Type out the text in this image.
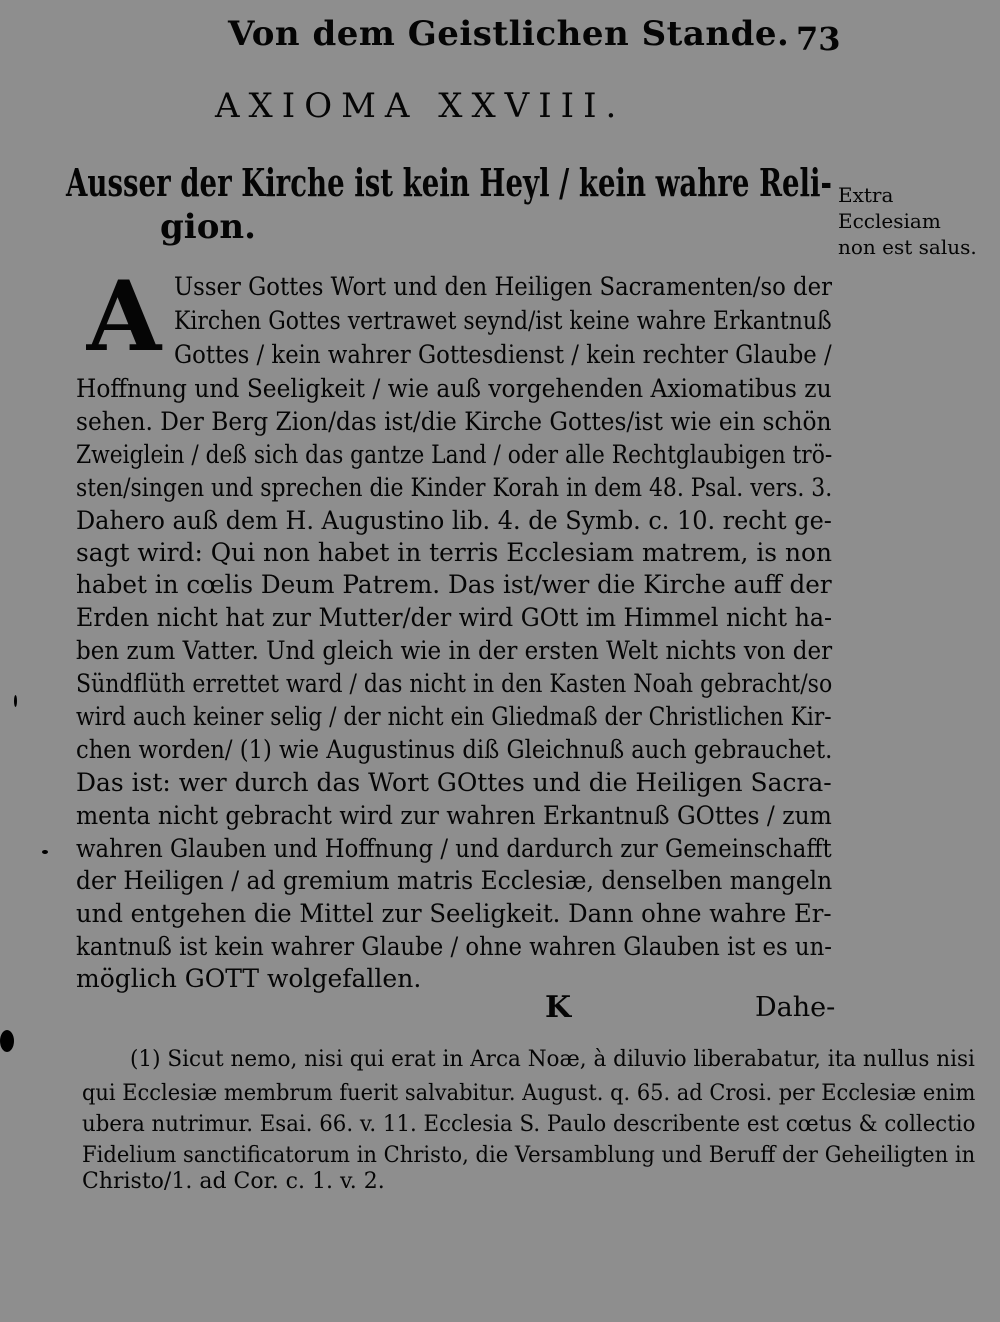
Von dem Geistlichen Stande. 73
AXIOMA XXVIII.
Ausser der Kirche ist kein Heyl / kein wahre Reli-
gion.
Extra Ecclesiam non est salus.
A Usser Gottes Wort und den Heiligen Sacramenten/so der
Kirchen Gottes vertrawet seynd/ist keine wahre Erkantnuß
Gottes / kein wahrer Gottesdienst / kein rechter Glaube /
Hoffnung und Seeligkeit / wie auß vorgehenden Axiomatibus zu
sehen. Der Berg Zion/das ist/die Kirche Gottes/ist wie ein schön
Zweiglein / deß sich das gantze Land / oder alle Rechtglaubigen trö-
sten/singen und sprechen die Kinder Korah in dem 48. Psal. vers. 3.
Dahero auß dem H. Augustino lib. 4. de Symb. c. 10. recht ge-
sagt wird: Qui non habet in terris Ecclesiam matrem, is non
habet in cœlis Deum Patrem. Das ist/wer die Kirche auff der
Erden nicht hat zur Mutter/der wird GOtt im Himmel nicht ha-
ben zum Vatter. Und gleich wie in der ersten Welt nichts von der
Sündflüth errettet ward / das nicht in den Kasten Noah gebracht/so
wird auch keiner selig / der nicht ein Gliedmaß der Christlichen Kir-
chen worden/ (1) wie Augustinus diß Gleichnuß auch gebrauchet.
Das ist: wer durch das Wort GOttes und die Heiligen Sacra-
menta nicht gebracht wird zur wahren Erkantnuß GOttes / zum
wahren Glauben und Hoffnung / und dardurch zur Gemeinschafft
der Heiligen / ad gremium matris Ecclesiæ, denselben mangeln
und entgehen die Mittel zur Seeligkeit. Dann ohne wahre Er-
kantnuß ist kein wahrer Glaube / ohne wahren Glauben ist es un-
möglich GOTT wolgefallen.
K	Dahe-
(1) Sicut nemo, nisi qui erat in Arca Noæ, à diluvio liberabatur, ita nullus nisi
qui Ecclesiæ membrum fuerit salvabitur. August. q. 65. ad Crosi. per Ecclesiæ enim
ubera nutrimur. Esai. 66. v. 11. Ecclesia S. Paulo describente est cœtus & collectio
Fidelium sanctificatorum in Christo, die Versamblung und Beruff der Geheiligten in
Christo/1. ad Cor. c. 1. v. 2.
